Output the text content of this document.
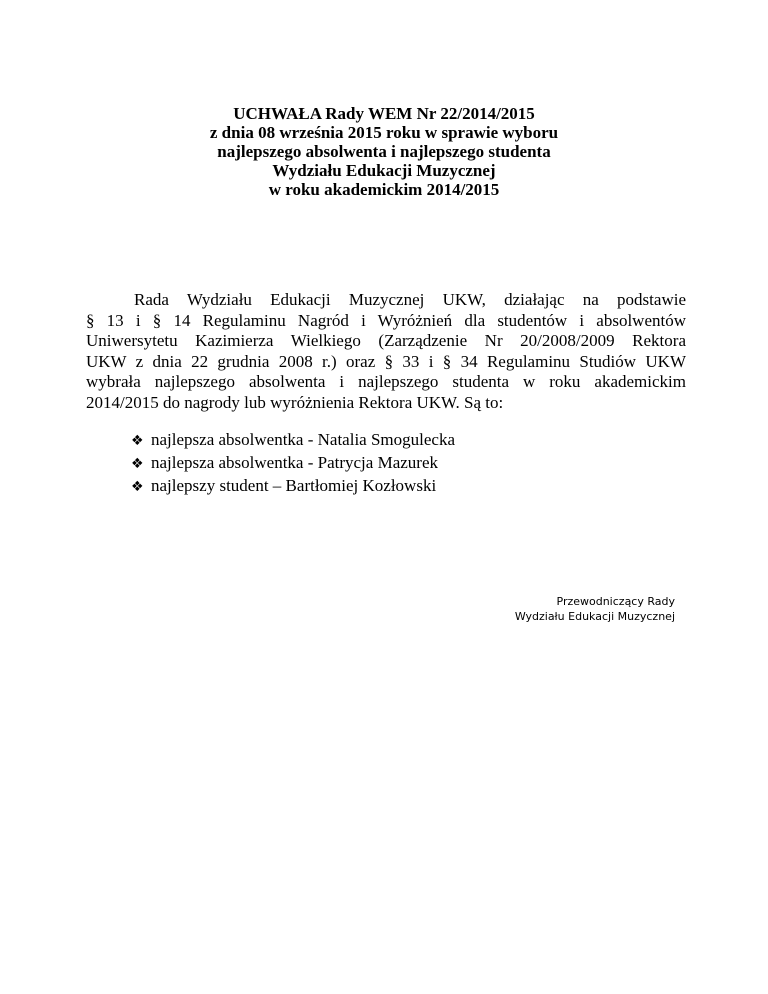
UCHWAŁA Rady WEM Nr 22/2014/2015
z dnia 08 września 2015 roku w sprawie wyboru
najlepszego absolwenta i najlepszego studenta
Wydziału Edukacji Muzycznej
w roku akademickim 2014/2015
Rada Wydziału Edukacji Muzycznej UKW, działając na podstawie
§ 13 i § 14 Regulaminu Nagród i Wyróżnień dla studentów i absolwentów
Uniwersytetu Kazimierza Wielkiego (Zarządzenie Nr 20/2008/2009 Rektora
UKW z dnia 22 grudnia 2008 r.) oraz § 33 i § 34 Regulaminu Studiów UKW
wybrała najlepszego absolwenta i najlepszego studenta w roku akademickim
2014/2015 do nagrody lub wyróżnienia Rektora UKW. Są to:
❖ najlepsza absolwentka - Natalia Smogulecka
❖ najlepsza absolwentka - Patrycja Mazurek
❖ najlepszy student – Bartłomiej Kozłowski
Przewodniczący Rady
Wydziału Edukacji Muzycznej
